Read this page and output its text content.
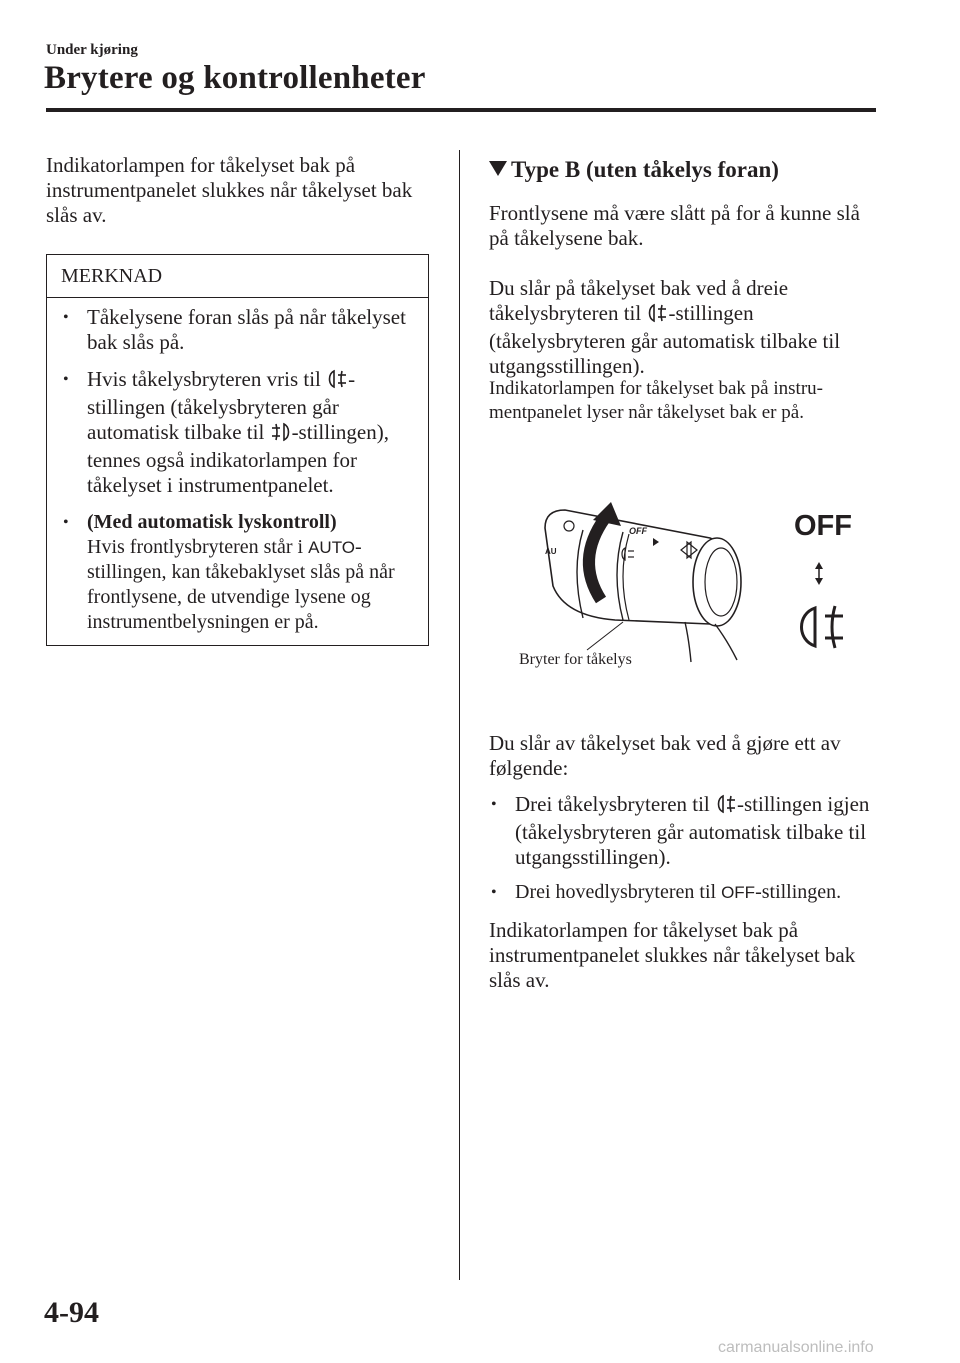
Under kjøring
Brytere og kontrollenheter
Indikatorlampen for tåkelyset bak på instrumentpanelet slukkes når tåkelyset bak slås av.
MERKNAD
• Tåkelysene foran slås på når tåkelyset bak slås på.
• Hvis tåkelysbryteren vris til -stillingen (tåkelysbryteren går automatisk tilbake til -stillingen), tennes også indikatorlampen for tåkelyset i instrumentpanelet.
• (Med automatisk lyskontroll)
Hvis frontlysbryteren står i AUTO-stillingen, kan tåkebaklyset slås på når frontlysene, de utvendige lysene og instrumentbelysningen er på.
Type B (uten tåkelys foran)
Frontlysene må være slått på for å kunne slå på tåkelysene bak.
Du slår på tåkelyset bak ved å dreie tåkelysbryteren til -stillingen (tåkelysbryteren går automatisk tilbake til utgangsstillingen).
Indikatorlampen for tåkelyset bak på instru-mentpanelet lyser når tåkelyset bak er på.
OFF
AU
OFF
Bryter for tåkelys
Du slår av tåkelyset bak ved å gjøre ett av følgende:
• Drei tåkelysbryteren til -stillingen igjen (tåkelysbryteren går automatisk tilbake til utgangsstillingen).
• Drei hovedlysbryteren til OFF-stillingen.
Indikatorlampen for tåkelyset bak på instrumentpanelet slukkes når tåkelyset bak slås av.
4-94
carmanualsonline.info
